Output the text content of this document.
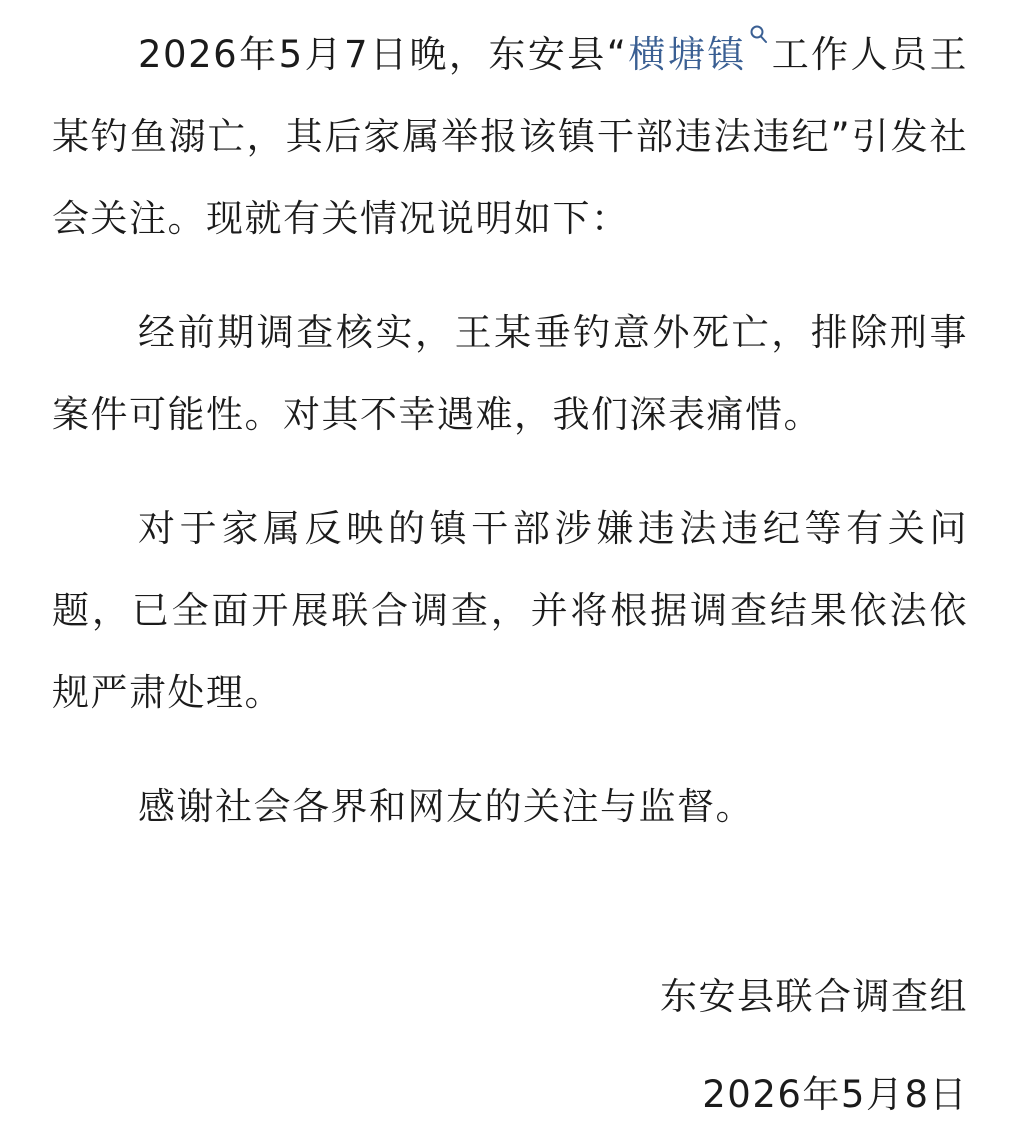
2026年5月7日晚，东安县“横塘镇 工作人员王某钓鱼溺亡，其后家属举报该镇干部违法违纪”引发社会关注。现就有关情况说明如下：

经前期调查核实，王某垂钓意外死亡，排除刑事案件可能性。对其不幸遇难，我们深表痛惜。

对于家属反映的镇干部涉嫌违法违纪等有关问题，已全面开展联合调查，并将根据调查结果依法依规严肃处理。

感谢社会各界和网友的关注与监督。

东安县联合调查组

2026年5月8日
